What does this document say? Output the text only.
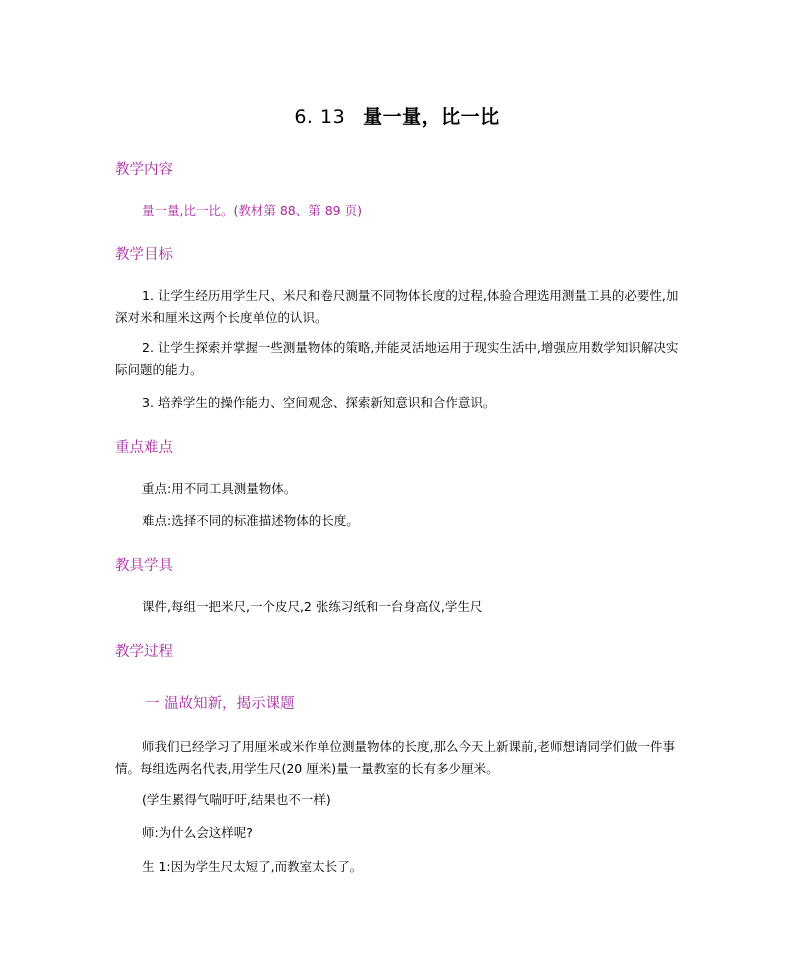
6. 13 量一量，比一比
教学内容
量一量,比一比。(教材第 88、第 89 页)
教学目标
1. 让学生经历用学生尺、米尺和卷尺测量不同物体长度的过程,体验合理选用测量工具的必要性,加深对米和厘米这两个长度单位的认识。
2. 让学生探索并掌握一些测量物体的策略,并能灵活地运用于现实生活中,增强应用数学知识解决实际问题的能力。
3. 培养学生的操作能力、空间观念、探索新知意识和合作意识。
重点难点
重点:用不同工具测量物体。
难点:选择不同的标准描述物体的长度。
教具学具
课件,每组一把米尺,一个皮尺,2 张练习纸和一台身高仪,学生尺
教学过程
一 温故知新，揭示课题
师我们已经学习了用厘米或米作单位测量物体的长度,那么今天上新课前,老师想请同学们做一件事情。每组选两名代表,用学生尺(20 厘米)量一量教室的长有多少厘米。
(学生累得气喘吁吁,结果也不一样)
师:为什么会这样呢?
生 1:因为学生尺太短了,而教室太长了。
